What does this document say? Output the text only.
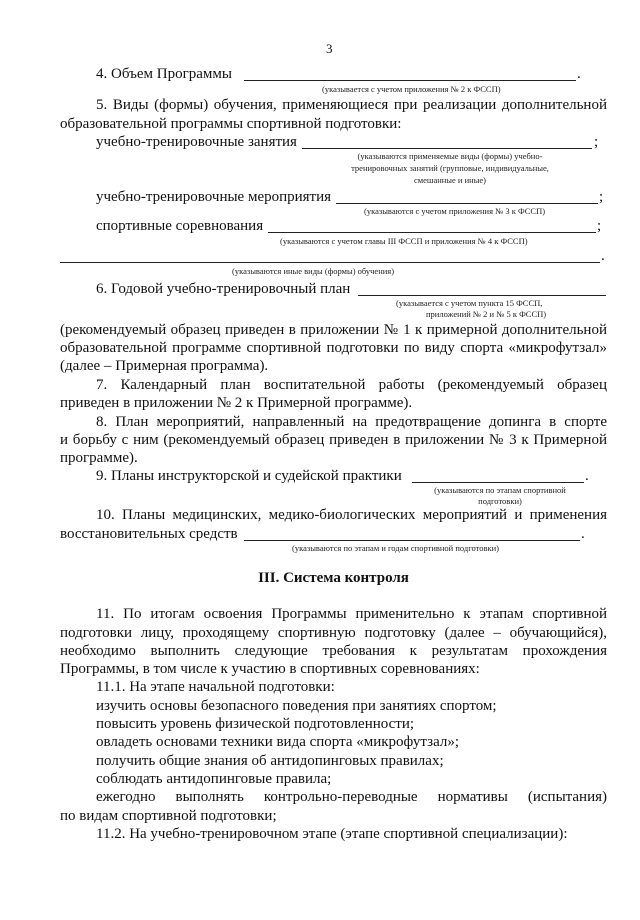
3
4. Объем Программы	.
(указывается с учетом приложения № 2 к ФССП)
5. Виды (формы) обучения, применяющиеся при реализации дополнительной
образовательной программы спортивной подготовки:
учебно-тренировочные занятия	;
(указываются применяемые виды (формы) учебно-
тренировочных занятий (групповые, индивидуальные,
смешанные и иные)
учебно-тренировочные мероприятия	;
(указываются с учетом приложения № 3 к ФССП)
спортивные соревнования	;
(указываются с учетом главы III ФССП и приложения № 4 к ФССП)
.
(указываются иные виды (формы) обучения)
6. Годовой учебно-тренировочный план
(указывается с учетом пункта 15 ФССП,
приложений № 2 и № 5 к ФССП)
(рекомендуемый образец приведен в приложении № 1 к примерной дополнительной
образовательной программе спортивной подготовки по виду спорта «микрофутзал»
(далее – Примерная программа).
7. Календарный план воспитательной работы (рекомендуемый образец
приведен в приложении № 2 к Примерной программе).
8. План мероприятий, направленный на предотвращение допинга в спорте
и борьбу с ним (рекомендуемый образец приведен в приложении № 3 к Примерной
программе).
9. Планы инструкторской и судейской практики	.
(указываются по этапам спортивной
подготовки)
10. Планы медицинских, медико-биологических мероприятий и применения
восстановительных средств	.
(указываются по этапам и годам спортивной подготовки)
III. Система контроля
11. По итогам освоения Программы применительно к этапам спортивной
подготовки лицу, проходящему спортивную подготовку (далее – обучающийся),
необходимо выполнить следующие требования к результатам прохождения
Программы, в том числе к участию в спортивных соревнованиях:
11.1. На этапе начальной подготовки:
изучить основы безопасного поведения при занятиях спортом;
повысить уровень физической подготовленности;
овладеть основами техники вида спорта «микрофутзал»;
получить общие знания об антидопинговых правилах;
соблюдать антидопинговые правила;
ежегодно выполнять контрольно-переводные нормативы (испытания)
по видам спортивной подготовки;
11.2. На учебно-тренировочном этапе (этапе спортивной специализации):
